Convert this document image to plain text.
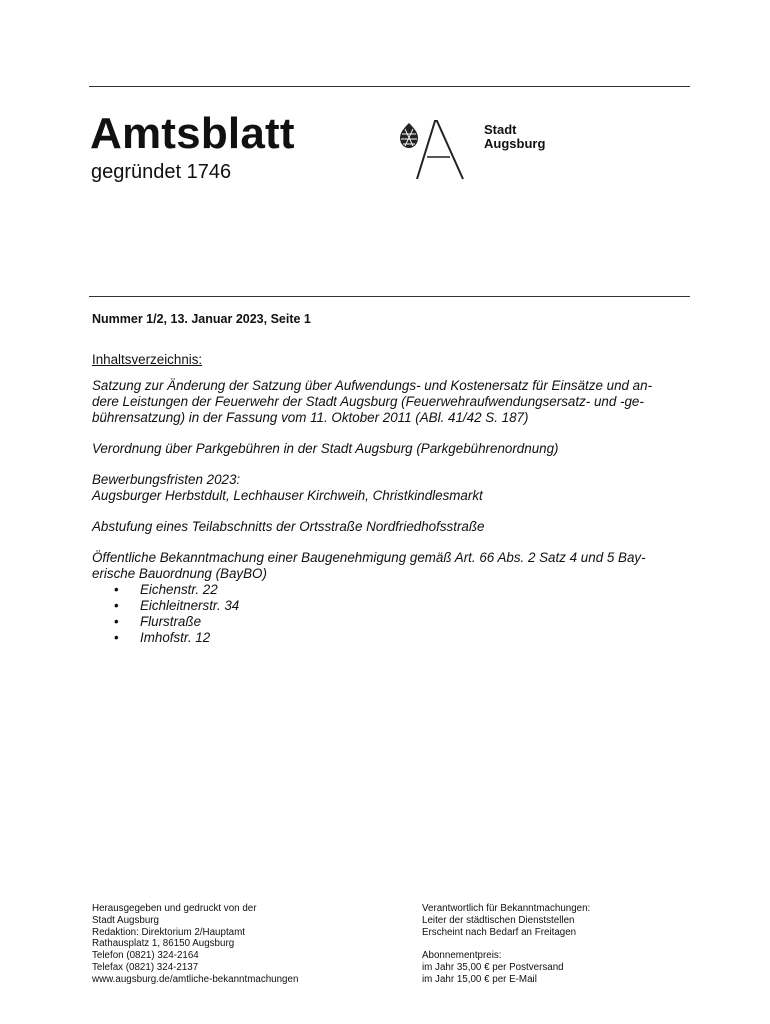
Amtsblatt
gegründet 1746
Stadt
Augsburg
Nummer 1/2, 13. Januar 2023, Seite 1
Inhaltsverzeichnis:

Satzung zur Änderung der Satzung über Aufwendungs- und Kostenersatz für Einsätze und an-

dere Leistungen der Feuerwehr der Stadt Augsburg (Feuerwehraufwendungsersatz- und -ge-

bührensatzung) in der Fassung vom 11. Oktober 2011 (ABl. 41/42 S. 187)

Verordnung über Parkgebühren in der Stadt Augsburg (Parkgebührenordnung)

Bewerbungsfristen 2023:

Augsburger Herbstdult, Lechhauser Kirchweih, Christkindlesmarkt

Abstufung eines Teilabschnitts der Ortsstraße Nordfriedhofsstraße

Öffentliche Bekanntmachung einer Baugenehmigung gemäß Art. 66 Abs. 2 Satz 4 und 5 Bay-

erische Bauordnung (BayBO)

• Eichenstr. 22
• Eichleitnerstr. 34
• Flurstraße
• Imhofstr. 12
Herausgegeben und gedruckt von der
Stadt Augsburg
Redaktion: Direktorium 2/Hauptamt
Rathausplatz 1, 86150 Augsburg
Telefon (0821) 324-2164
Telefax (0821) 324-2137
www.augsburg.de/amtliche-bekanntmachungen
Verantwortlich für Bekanntmachungen:
Leiter der städtischen Dienststellen
Erscheint nach Bedarf an Freitagen
Abonnementpreis:
im Jahr 35,00 € per Postversand
im Jahr 15,00 € per E-Mail
